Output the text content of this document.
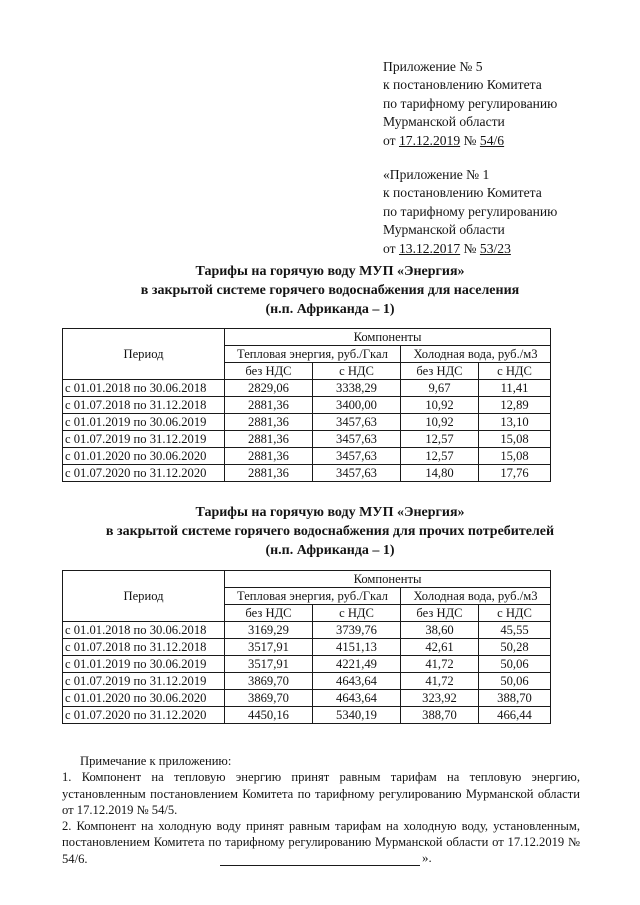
Приложение № 5
к постановлению Комитета
по тарифному регулированию
Мурманской области
от 17.12.2019 № 54/6
«Приложение № 1
к постановлению Комитета
по тарифному регулированию
Мурманской области
от 13.12.2017 № 53/23
Тарифы на горячую воду МУП «Энергия»
в закрытой системе горячего водоснабжения для населения
(н.п. Африканда – 1)
Период	Компоненты			
	Тепловая энергия, руб./Гкал		Холодная вода, руб./м3	
	без НДС	с НДС	без НДС	с НДС
с 01.01.2018 по 30.06.2018	2829,06	3338,29	9,67	11,41
с 01.07.2018 по 31.12.2018	2881,36	3400,00	10,92	12,89
с 01.01.2019 по 30.06.2019	2881,36	3457,63	10,92	13,10
с 01.07.2019 по 31.12.2019	2881,36	3457,63	12,57	15,08
с 01.01.2020 по 30.06.2020	2881,36	3457,63	12,57	15,08
с 01.07.2020 по 31.12.2020	2881,36	3457,63	14,80	17,76
Тарифы на горячую воду МУП «Энергия»
в закрытой системе горячего водоснабжения для прочих потребителей
(н.п. Африканда – 1)
Период	Компоненты			
	Тепловая энергия, руб./Гкал		Холодная вода, руб./м3	
	без НДС	с НДС	без НДС	с НДС
с 01.01.2018 по 30.06.2018	3169,29	3739,76	38,60	45,55
с 01.07.2018 по 31.12.2018	3517,91	4151,13	42,61	50,28
с 01.01.2019 по 30.06.2019	3517,91	4221,49	41,72	50,06
с 01.07.2019 по 31.12.2019	3869,70	4643,64	41,72	50,06
с 01.01.2020 по 30.06.2020	3869,70	4643,64	323,92	388,70
с 01.07.2020 по 31.12.2020	4450,16	5340,19	388,70	466,44
Примечание к приложению:
1. Компонент на тепловую энергию принят равным тарифам на тепловую энергию, установленным постановлением Комитета по тарифному регулированию Мурманской области от 17.12.2019 № 54/5.
2. Компонент на холодную воду принят равным тарифам на холодную воду, установленным, постановлением Комитета по тарифному регулированию Мурманской области от 17.12.2019 № 54/6.	».
